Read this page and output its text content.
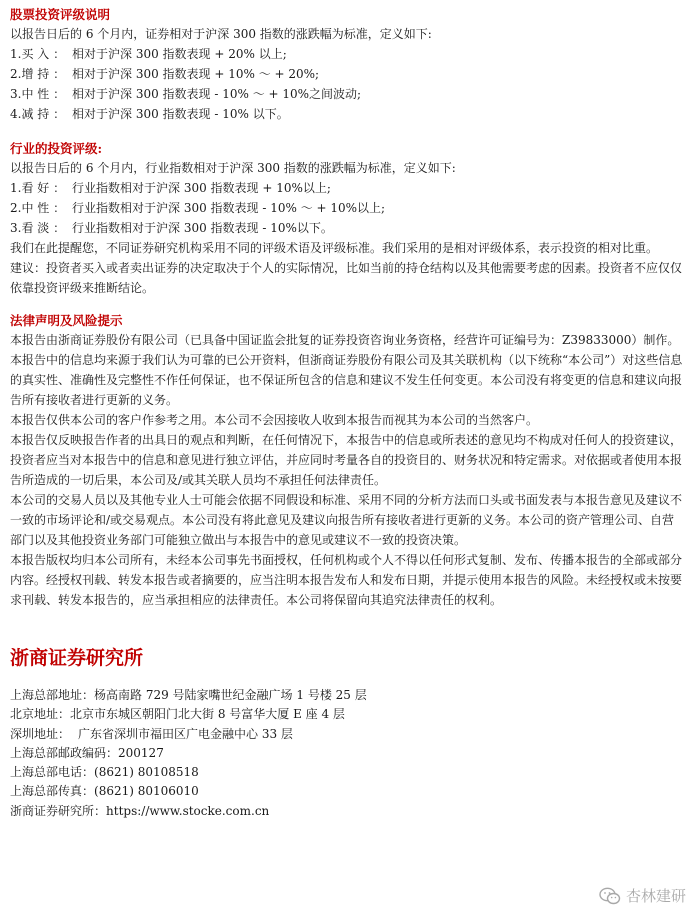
股票投资评级说明

以报告日后的 6 个月内，证券相对于沪深 300 指数的涨跌幅为标准，定义如下:

1.买 入 ： 相对于沪深 300 指数表现 + 20% 以上;

2.增 持 ： 相对于沪深 300 指数表现 + 10% ～ + 20%;

3.中 性 ： 相对于沪深 300 指数表现 - 10% ～ + 10%之间波动;

4.减 持 ： 相对于沪深 300 指数表现 - 10% 以下。

行业的投资评级:

以报告日后的 6 个月内，行业指数相对于沪深 300 指数的涨跌幅为标准，定义如下:

1.看 好 ： 行业指数相对于沪深 300 指数表现 + 10%以上;

2.中 性 ： 行业指数相对于沪深 300 指数表现 - 10% ～ + 10%以上;

3.看 淡 ： 行业指数相对于沪深 300 指数表现 - 10%以下。

我们在此提醒您，不同证券研究机构采用不同的评级术语及评级标准。我们采用的是相对评级体系，表示投资的相对比重。

建议：投资者买入或者卖出证券的决定取决于个人的实际情况，比如当前的持仓结构以及其他需要考虑的因素。投资者不应仅仅依靠投资评级来推断结论。

法律声明及风险提示

本报告由浙商证券股份有限公司（已具备中国证监会批复的证券投资咨询业务资格，经营许可证编号为：Z39833000）制作。本报告中的信息均来源于我们认为可靠的已公开资料，但浙商证券股份有限公司及其关联机构（以下统称“本公司”）对这些信息的真实性、准确性及完整性不作任何保证，也不保证所包含的信息和建议不发生任何变更。本公司没有将变更的信息和建议向报告所有接收者进行更新的义务。

本报告仅供本公司的客户作参考之用。本公司不会因接收人收到本报告而视其为本公司的当然客户。

本报告仅反映报告作者的出具日的观点和判断，在任何情况下，本报告中的信息或所表述的意见均不构成对任何人的投资建议，投资者应当对本报告中的信息和意见进行独立评估，并应同时考量各自的投资目的、财务状况和特定需求。对依据或者使用本报告所造成的一切后果，本公司及/或其关联人员均不承担任何法律责任。

本公司的交易人员以及其他专业人士可能会依据不同假设和标准、采用不同的分析方法而口头或书面发表与本报告意见及建议不一致的市场评论和/或交易观点。本公司没有将此意见及建议向报告所有接收者进行更新的义务。本公司的资产管理公司、自营部门以及其他投资业务部门可能独立做出与本报告中的意见或建议不一致的投资决策。

本报告版权均归本公司所有，未经本公司事先书面授权，任何机构或个人不得以任何形式复制、发布、传播本报告的全部或部分内容。经授权刊载、转发本报告或者摘要的，应当注明本报告发布人和发布日期，并提示使用本报告的风险。未经授权或未按要求刊载、转发本报告的，应当承担相应的法律责任。本公司将保留向其追究法律责任的权利。

浙商证券研究所

上海总部地址：杨高南路 729 号陆家嘴世纪金融广场 1 号楼 25 层

北京地址：北京市东城区朝阳门北大街 8 号富华大厦 E 座 4 层

深圳地址： 广东省深圳市福田区广电金融中心 33 层

上海总部邮政编码：200127

上海总部电话：(8621) 80108518

上海总部传真：(8621) 80106010

浙商证券研究所：https://www.stocke.com.cn

杏林建研
